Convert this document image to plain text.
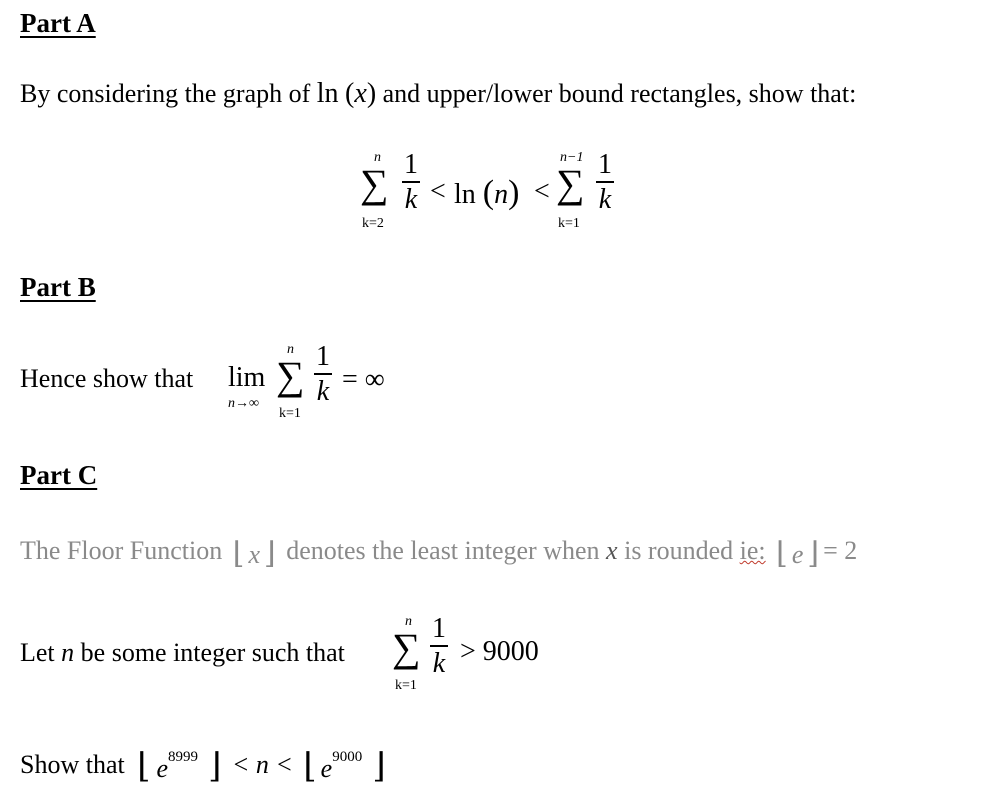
Part A
By considering the graph of ln (x) and upper/lower bound rectangles, show that:
n
∑
k=2
1
k < ln (n) <
n−1
∑
k=1
1
k
Part B
Hence show that lim
n→∞
n
∑
k=1
1
k = ∞
Part C
The Floor Function ⌊ x ⌋ denotes the least integer when x is rounded ie: ⌊ e ⌋ = 2
Let n be some integer such that
n
∑
k=1
1
k > 9000
Show that ⌊ $e^{8999}$ ⌋ < n < ⌊ $e^{9000}$ ⌋
